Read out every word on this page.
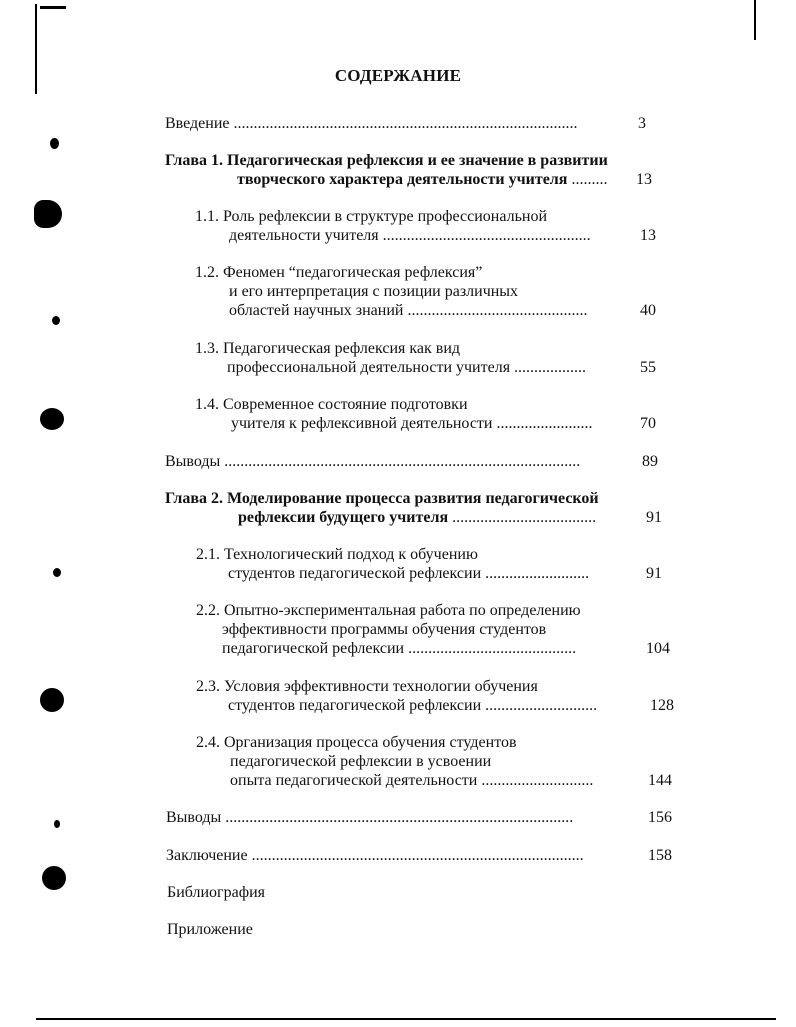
СОДЕРЖАНИЕ
Введение ......................................................................................	3
Глава 1. Педагогическая рефлексия и ее значение в развитии
творческого характера деятельности учителя .........	13
1.1. Роль рефлексии в структуре профессиональной
деятельности учителя ....................................................	13
1.2. Феномен “педагогическая рефлексия”
и его интерпретация с позиции различных
областей научных знаний .............................................	40
1.3. Педагогическая рефлексия как вид
профессиональной деятельности учителя ..................	55
1.4. Современное состояние подготовки
учителя к рефлексивной деятельности ........................	70
Выводы .........................................................................................	89
Глава 2. Моделирование процесса развития педагогической
рефлексии будущего учителя ....................................	91
2.1. Технологический подход к обучению
студентов педагогической рефлексии ..........................	91
2.2. Опытно-экспериментальная работа по определению
эффективности программы обучения студентов
педагогической рефлексии ..........................................	104
2.3. Условия эффективности технологии обучения
студентов педагогической рефлексии ............................	128
2.4. Организация процесса обучения студентов
педагогической рефлексии в усвоении
опыта педагогической деятельности ............................	144
Выводы .......................................................................................	156
Заключение ...................................................................................	158
Библиография
Приложение
